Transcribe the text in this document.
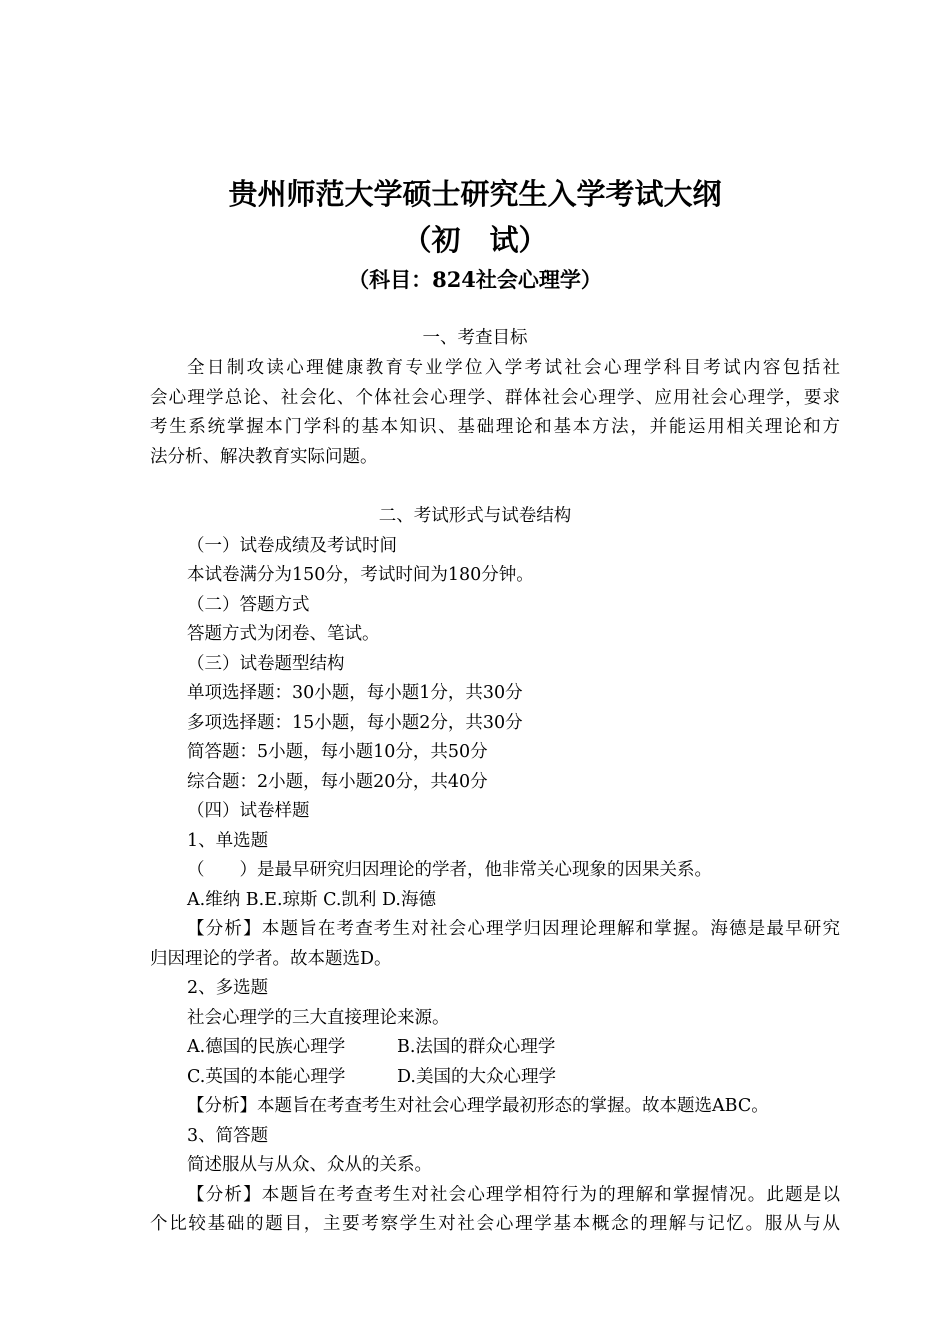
贵州师范大学硕士研究生入学考试大纲
（初　试）
（科目：824社会心理学）
一、考查目标
全日制攻读心理健康教育专业学位入学考试社会心理学科目考试内容包括社
会心理学总论、社会化、个体社会心理学、群体社会心理学、应用社会心理学，要求
考生系统掌握本门学科的基本知识、基础理论和基本方法，并能运用相关理论和方
法分析、解决教育实际问题。
二、考试形式与试卷结构
（一）试卷成绩及考试时间
本试卷满分为150分，考试时间为180分钟。
（二）答题方式
答题方式为闭卷、笔试。
（三）试卷题型结构
单项选择题：30小题，每小题1分，共30分
多项选择题：15小题，每小题2分，共30分
简答题：5小题，每小题10分，共50分
综合题：2小题，每小题20分，共40分
（四）试卷样题
1、单选题
（　　）是最早研究归因理论的学者，他非常关心现象的因果关系。
A.维纳 B.E.琼斯 C.凯利 D.海德
【分析】本题旨在考查考生对社会心理学归因理论理解和掌握。海德是最早研究
归因理论的学者。故本题选D。
2、多选题
社会心理学的三大直接理论来源。
A.德国的民族心理学	B.法国的群众心理学
C.英国的本能心理学	D.美国的大众心理学
【分析】本题旨在考查考生对社会心理学最初形态的掌握。故本题选ABC。
3、简答题
简述服从与从众、众从的关系。
【分析】本题旨在考查考生对社会心理学相符行为的理解和掌握情况。此题是以
个比较基础的题目，主要考察学生对社会心理学基本概念的理解与记忆。服从与从
